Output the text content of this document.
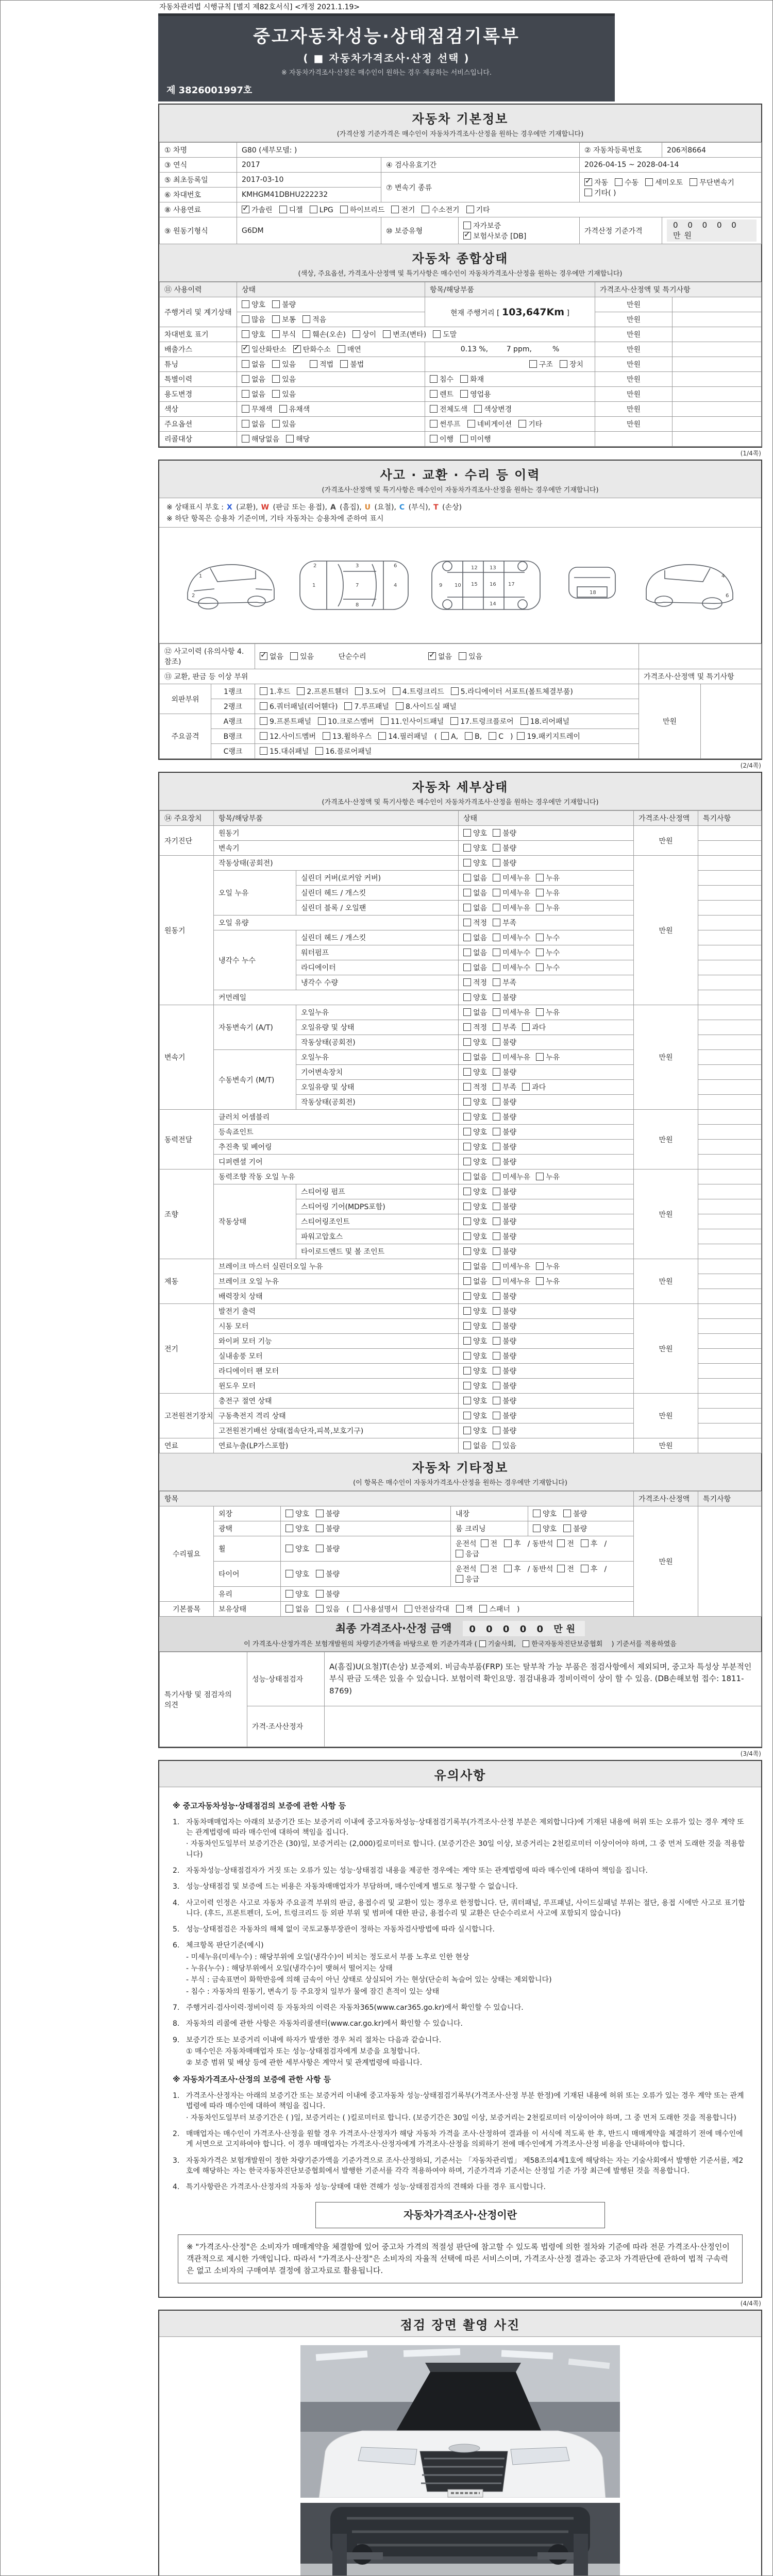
자동차관리법 시행규칙 [별지 제82호서식] <개정 2021.1.19>
중고자동차성능·상태점검기록부
( ■ 자동차가격조사·산정 선택 )
※ 자동차가격조사·산정은 매수인이 원하는 경우 제공하는 서비스입니다.
제 3826001997호
자동차 기본정보
(가격산정 기준가격은 매수인이 자동차가격조사·산정을 원하는 경우에만 기재합니다)
① 차명	G80 (세부모델: )			② 자동차등록번호	206저8664
③ 연식	2017	④ 검사유효기간		2026-04-15 ~ 2028-04-14	
⑤ 최초등록일	2017-03-10	⑦ 변속기 종류	✓자동 수동 세미오토 무단변속기기타( )
⑥ 차대번호	KMHGM41DBHU222232				
⑧ 사용연료	✓가솔린 디젤 LPG 하이브리드 전기 수소전기 기타
⑨ 원동기형식	G6DM	⑩ 보증유형	자가보증✓보험사보증 [DB]	가격산정 기준가격	0 0 0 0 0 만원
자동차 종합상태
(색상, 주요옵션, 가격조사·산정액 및 특기사항은 매수인이 자동차가격조사·산정을 원하는 경우에만 기재합니다)
⑪ 사용이력	상태	항목/해당부품	가격조사·산정액 및 특기사항	
주행거리 및 계기상태	양호 불량	현재 주행거리 [ 103,647Km ]	만원	
	많음 보통 적음		만원	
차대번호 표기	양호 부식 훼손(오손) 상이 변조(변타) 도말		만원	
배출가스	✓일산화탄소 ✓ 탄화수소 매연	0.13 %,        7 ppm,         %	만원	
튜닝	없음 있음 적법 불법	구조 장치	만원	
특별이력	없음 있음	침수 화재	만원	
용도변경	없음 있음	렌트 영업용	만원	
색상	무채색 유채색	전체도색 색상변경	만원	
주요옵션	없음 있음	썬루프 네비게이션 기타	만원	
리콜대상	해당없음 해당	이행 미이행		
(1/4쪽)
사고 · 교환 · 수리 등 이력
(가격조사·산정액 및 특기사항은 매수인이 자동차가격조사·산정을 원하는 경우에만 기재합니다)
※ 상태표시 부호 : X (교환), W (판금 또는 용접), A (흠집), U (요철), C (부식), T (손상)
※ 하단 항목은 승용차 기준이며, 기타 자동차는 승용차에 준하여 표시
1
2
1
2	3
7
6
4
8
9 10 15 16 17
12 13
14
18
4
6
⑫ 사고이력 (유의사항 4.참조)	✓없음 있음 단순수리 ✓ 없음 있음	
⑬ 교환, 판금 등 이상 부위			가격조사·산정액 및 특기사항	
외판부위	1랭크	1.후드 2.프론트휀더 3.도어 4.트렁크리드 5.라디에이터 서포트(볼트체결부품)	만원	
	2랭크	6.쿼터패널(리어휀다) 7.루프패널 8.사이드실 패널		
주요골격	A랭크	9.프론트패널 10.크로스멤버 11.인사이드패널 17.트렁크플로어 18.리어패널		
	B랭크	12.사이드멤버 13.휠하우스 14.필러패널 ( A, B, C ) 19.패키지트레이		
	C랭크	15.대쉬패널 16.플로어패널		
(2/4쪽)
자동차 세부상태
(가격조사·산정액 및 특기사항은 매수인이 자동차가격조사·산정을 원하는 경우에만 기재합니다)
⑭ 주요장치	항목/해당부품		상태	가격조사·산정액	특기사항
자기진단	원동기		양호 불량	만원	
	변속기		양호 불량		
원동기	작동상태(공회전)		양호 불량	만원	
	오일 누유	실린더 커버(로커암 커버)	없음 미세누유 누유		
		실린더 헤드 / 개스킷	없음 미세누유 누유		
		실린더 블록 / 오일팬	없음 미세누유 누유		
	오일 유량		적정 부족		
	냉각수 누수	실린더 헤드 / 개스킷	없음 미세누수 누수		
		워터펌프	없음 미세누수 누수		
		라디에이터	없음 미세누수 누수		
		냉각수 수량	적정 부족		
	커먼레일		양호 불량		
변속기	자동변속기 (A/T)	오일누유	없음 미세누유 누유	만원	
		오일유량 및 상태	적정 부족 과다		
		작동상태(공회전)	양호 불량		
	수동변속기 (M/T)	오일누유	없음 미세누유 누유		
		기어변속장치	양호 불량		
		오일유량 및 상태	적정 부족 과다		
		작동상태(공회전)	양호 불량		
동력전달	클러치 어셈블리		양호 불량	만원	
	등속죠인트		양호 불량		
	추진축 및 베어링		양호 불량		
	디퍼렌셜 기어		양호 불량		
조향	동력조향 작동 오일 누유		없음 미세누유 누유	만원	
	작동상태	스티어링 펌프	양호 불량		
		스티어링 기어(MDPS포함)	양호 불량		
		스티어링조인트	양호 불량		
		파워고압호스	양호 불량		
		타이로드엔드 및 볼 조인트	양호 불량		
제동	브레이크 마스터 실린더오일 누유		없음 미세누유 누유	만원	
	브레이크 오일 누유		없음 미세누유 누유		
	배력장치 상태		양호 불량		
전기	발전기 출력		양호 불량	만원	
	시동 모터		양호 불량		
	와이퍼 모터 기능		양호 불량		
	실내송풍 모터		양호 불량		
	라디에이터 팬 모터		양호 불량		
	윈도우 모터		양호 불량		
고전원전기장치	충전구 절연 상태		양호 불량	만원	
	구동축전지 격리 상태		양호 불량		
	고전원전기배선 상태(접속단자,피복,보호기구)		양호 불량		
연료	연료누출(LP가스포함)		없음 있음	만원	
자동차 기타정보
(이 항목은 매수인이 자동차가격조사·산정을 원하는 경우에만 기재합니다)
항목					가격조사·산정액	특기사항
수리필요	외장	양호 불량	내장	양호 불량	만원	
	광택	양호 불량	룸 크리닝	양호 불량		
	휠	양호 불량	운전석 전 후 / 동반석 전 후 /응급			
	타이어	양호 불량	운전석 전 후 / 동반석 전 후 /응급			
	유리	양호 불량				
기본품목	보유상태	없음 있음 ( 사용설명서 안전삼각대 잭 스패너 )				
최종 가격조사·산정 금액 0 0 0 0 0 만원
이 가격조사·산정가격은 보험개발원의 차량기준가액을 바탕으로 한 기준가격과 ( 기술사회, 한국자동차진단보증협회 ) 기준서를 적용하였음
특기사항 및 점검자의 의견	성능·상태점검자	A(흠집)U(요철)T(손상) 보증제외. 비금속부품(FRP) 또는 탈부착 가능 부품은 점검사항에서 제외되며, 중고차 특성상 부분적인 부식 판금 도색은 있을 수 있습니다. 보험이력 확인요망. 점검내용과 정비이력이 상이 할 수 있음. (DB손해보험 접수: 1811-8769)
	가격·조사산정자	
(3/4쪽)
유의사항
※ 중고자동차성능·상태점검의 보증에 관한 사항 등
1. 자동차매매업자는 아래의 보증기간 또는 보증거리 이내에 중고자동차성능·상태점검기록부(가격조사·산정 부분은 제외합니다)에 기재된 내용에 허위 또는 오류가 있는 경우 계약 또는 관계법령에 따라 매수인에 대하여 책임을 집니다.
· 자동차인도일부터 보증기간은 (30)일, 보증거리는 (2,000)킬로미터로 합니다. (보증기간은 30일 이상, 보증거리는 2천킬로미터 이상이어야 하며, 그 중 먼저 도래한 것을 적용합니다)
2. 자동차성능·상태점검자가 거짓 또는 오류가 있는 성능·상태점검 내용을 제공한 경우에는 계약 또는 관계법령에 따라 매수인에 대하여 책임을 집니다.
3. 성능·상태점검 및 보증에 드는 비용은 자동차매매업자가 부담하며, 매수인에게 별도로 청구할 수 없습니다.
4. 사고이력 인정은 사고로 자동차 주요골격 부위의 판금, 용접수리 및 교환이 있는 경우로 한정합니다. 단, 쿼터패널, 루프패널, 사이드실패널 부위는 절단, 용접 시에만 사고로 표기합니다. (후드, 프론트펜더, 도어, 트렁크리드 등 외판 부위 및 범퍼에 대한 판금, 용접수리 및 교환은 단순수리로서 사고에 포함되지 않습니다)
5. 성능·상태점검은 자동차의 해체 없이 국토교통부장관이 정하는 자동차검사방법에 따라 실시합니다.
6. 체크항목 판단기준(예시)
- 미세누유(미세누수) : 해당부위에 오일(냉각수)이 비치는 정도로서 부품 노후로 인한 현상
- 누유(누수) : 해당부위에서 오일(냉각수)이 맺혀서 떨어지는 상태
- 부식 : 금속표면이 화학반응에 의해 금속이 아닌 상태로 상실되어 가는 현상(단순히 녹슬어 있는 상태는 제외합니다)
- 침수 : 자동차의 원동기, 변속기 등 주요장치 일부가 물에 잠긴 흔적이 있는 상태
7. 주행거리·검사이력·정비이력 등 자동차의 이력은 자동차365(www.car365.go.kr)에서 확인할 수 있습니다.
8. 자동차의 리콜에 관한 사항은 자동차리콜센터(www.car.go.kr)에서 확인할 수 있습니다.
9. 보증기간 또는 보증거리 이내에 하자가 발생한 경우 처리 절차는 다음과 같습니다.
① 매수인은 자동차매매업자 또는 성능·상태점검자에게 보증을 요청합니다.
② 보증 범위 및 배상 등에 관한 세부사항은 계약서 및 관계법령에 따릅니다.
※ 자동차가격조사·산정의 보증에 관한 사항 등
1. 가격조사·산정자는 아래의 보증기간 또는 보증거리 이내에 중고자동차 성능·상태점검기록부(가격조사·산정 부분 한정)에 기재된 내용에 허위 또는 오류가 있는 경우 계약 또는 관계법령에 따라 매수인에 대하여 책임을 집니다.
· 자동차인도일부터 보증기간은 ( )일, 보증거리는 ( )킬로미터로 합니다. (보증기간은 30일 이상, 보증거리는 2천킬로미터 이상이어야 하며, 그 중 먼저 도래한 것을 적용합니다)
2. 매매업자는 매수인이 가격조사·산정을 원할 경우 가격조사·산정자가 해당 자동차 가격을 조사·산정하여 결과를 이 서식에 적도록 한 후, 반드시 매매계약을 체결하기 전에 매수인에게 서면으로 고지하여야 합니다. 이 경우 매매업자는 가격조사·산정자에게 가격조사·산정을 의뢰하기 전에 매수인에게 가격조사·산정 비용을 안내하여야 합니다.
3. 자동차가격은 보험개발원이 정한 차량기준가액을 기준가격으로 조사·산정하되, 기준서는 「자동차관리법」 제58조의4제1호에 해당하는 자는 기술사회에서 발행한 기준서를, 제2호에 해당하는 자는 한국자동차진단보증협회에서 발행한 기준서를 각각 적용하여야 하며, 기준가격과 기준서는 산정일 기준 가장 최근에 발행된 것을 적용합니다.
4. 특기사항란은 가격조사·산정자의 자동차 성능·상태에 대한 견해가 성능·상태점검자의 견해와 다를 경우 표시합니다.
자동차가격조사·산정이란
※ "가격조사·산정"은 소비자가 매매계약을 체결함에 있어 중고차 가격의 적절성 판단에 참고할 수 있도록 법령에 의한 절차와 기준에 따라 전문 가격조사·산정인이 객관적으로 제시한 가액입니다. 따라서 "가격조사·산정"은 소비자의 자율적 선택에 따른 서비스이며, 가격조사·산정 결과는 중고차 가격판단에 관하여 법적 구속력은 없고 소비자의 구매여부 결정에 참고자료로 활용됩니다.
(4/4쪽)
점검 장면 촬영 사진
